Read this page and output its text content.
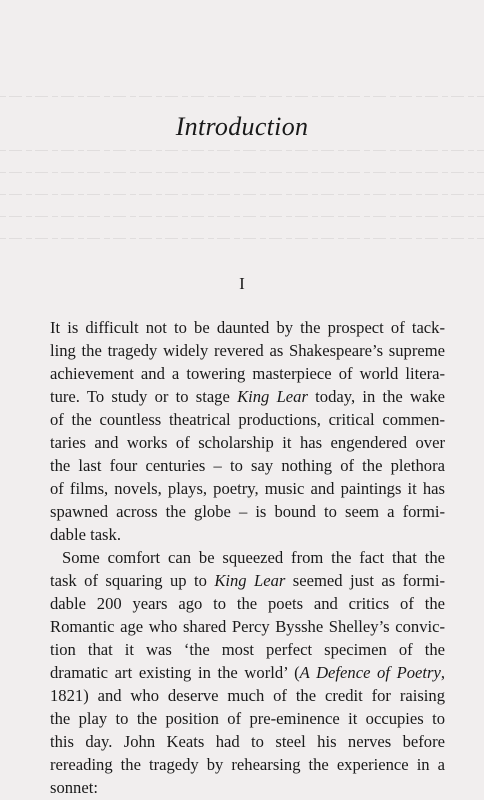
Introduction
I
It is difficult not to be daunted by the prospect of tack-
ling the tragedy widely revered as Shakespeare’s supreme
achievement and a towering masterpiece of world litera-
ture. To study or to stage King Lear today, in the wake
of the countless theatrical productions, critical commen-
taries and works of scholarship it has engendered over
the last four centuries – to say nothing of the plethora
of films, novels, plays, poetry, music and paintings it has
spawned across the globe – is bound to seem a formi-
dable task.
Some comfort can be squeezed from the fact that the
task of squaring up to King Lear seemed just as formi-
dable 200 years ago to the poets and critics of the
Romantic age who shared Percy Bysshe Shelley’s convic-
tion that it was ‘the most perfect specimen of the
dramatic art existing in the world’ (A Defence of Poetry,
1821) and who deserve much of the credit for raising
the play to the position of pre-eminence it occupies to
this day. John Keats had to steel his nerves before
rereading the tragedy by rehearsing the experience in a
sonnet:
